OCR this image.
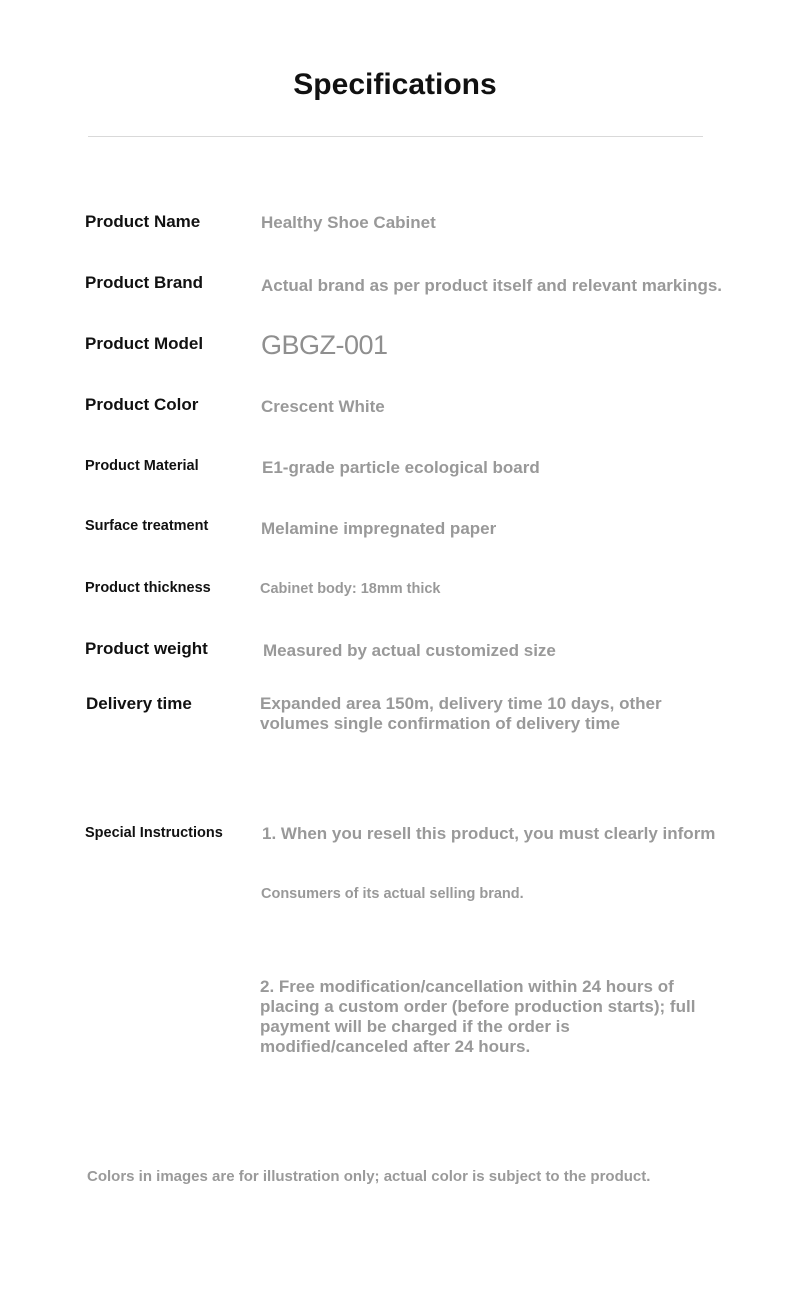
Specifications
Product Name	Healthy Shoe Cabinet
Product Brand	Actual brand as per product itself and relevant markings.
Product Model GBGZ-001
Product Color	Crescent White
Product Material	E1-grade particle ecological board
Surface treatment	Melamine impregnated paper
Product thickness	Cabinet body: 18mm thick
Product weight	Measured by actual customized size
Delivery time	Expanded area 150m, delivery time 10 days, other volumes single confirmation of delivery time
Special Instructions 1. When you resell this product, you must clearly inform
Consumers of its actual selling brand.
2. Free modification/cancellation within 24 hours of placing a custom order (before production starts); full payment will be charged if the order is modified/canceled after 24 hours.
Colors in images are for illustration only; actual color is subject to the product.
